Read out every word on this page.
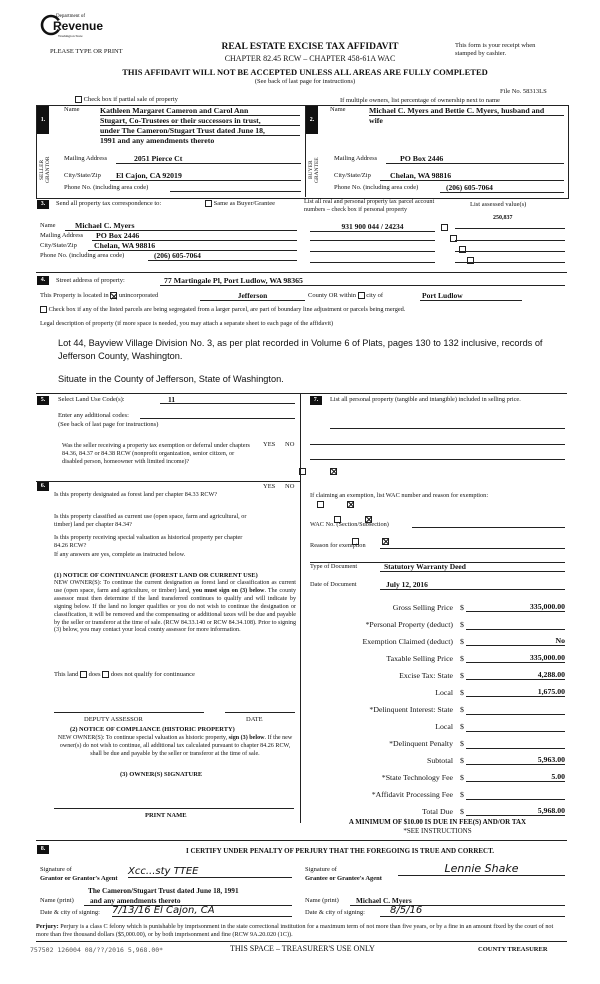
Department of
Revenue
Washington State
PLEASE TYPE OR PRINT	REAL ESTATE EXCISE TAX AFFIDAVIT
CHAPTER 82.45 RCW – CHAPTER 458-61A WAC
This form is your receipt when stamped by cashier.
THIS AFFIDAVIT WILL NOT BE ACCEPTED UNLESS ALL AREAS ARE FULLY COMPLETED
(See back of last page for instructions)
File No. 58313LS
Check box if partial sale of property	If multiple owners, list percentage of ownership next to name
1.	2.
SELLER
GRANTOR	BUYER
GRANTEE
Name	Kathleen Margaret Cameron and Carol Ann
Stugart, Co-Trustees or their successors in trust,
under The Cameron/Stugart Trust dated June 18,
1991 and any amendments thereto
Mailing Address	2051 Pierce Ct
City/State/Zip	El Cajon, CA 92019
Phone No. (including area code)
Name	Michael C. Myers and Bettie C. Myers, husband and
wife
Mailing Address	PO Box 2446
City/State/Zip	Chelan, WA 98816
Phone No. (including area code)	(206) 605-7064
3.	Send all property tax correspondence to:	Same as Buyer/Grantee	List all real and personal property tax parcel account numbers – check box if personal property
List assessed value(s)
Name	Michael C. Myers
Mailing Address	PO Box 2446
City/State/Zip	Chelan, WA 98816
Phone No. (including area code)	(206) 605-7064
250,837
931 900 044 / 24234

4.	Street address of property:	77 Martingale Pl, Port Ludlow, WA 98365
This Property is located in unincorporated	Jefferson	County OR within city of	Port Ludlow
Check box if any of the listed parcels are being segregated from a larger parcel, are part of boundary line adjustment or parcels being merged.
Legal description of property (if more space is needed, you may attach a separate sheet to each page of the affidavit)
Lot 44, Bayview Village Division No. 3, as per plat recorded in Volume 6 of Plats, pages 130 to 132 inclusive, records of Jefferson County, Washington.
Situate in the County of Jefferson, State of Washington.
5.	Select Land Use Code(s):	11
Enter any additional codes:
(See back of last page for instructions)
YES NO
Was the seller receiving a property tax exemption or deferral under chapters 84.36, 84.37 or 84.38 RCW (nonprofit organization, senior citizen, or disabled person, homeowner with limited income)?

6.	YES NO
Is this property designated as forest land per chapter 84.33 RCW?

Is this property classified as current use (open space, farm and agricultural, or timber) land per chapter 84.34?

Is this property receiving special valuation as historical property per chapter 84.26 RCW?

If any answers are yes, complete as instructed below.
(1) NOTICE OF CONTINUANCE (FOREST LAND OR CURRENT USE)
NEW OWNER(S): To continue the current designation as forest land or classification as current use (open space, farm and agriculture, or timber) land, you must sign on (3) below. The county assessor must then determine if the land transferred continues to qualify and will indicate by signing below. If the land no longer qualifies or you do not wish to continue the designation or classification, it will be removed and the compensating or additional taxes will be due and payable by the seller or transferor at the time of sale. (RCW 84.33.140 or RCW 84.34.108). Prior to signing (3) below, you may contact your local county assessor for more information.
This land does does not qualify for continuance
DEPUTY ASSESSOR	DATE
(2) NOTICE OF COMPLIANCE (HISTORIC PROPERTY)
NEW OWNER(S): To continue special valuation as historic property, sign (3) below. If the new owner(s) do not wish to continue, all additional tax calculated pursuant to chapter 84.26 RCW, shall be due and payable by the seller or transferor at the time of sale.
(3) OWNER(S) SIGNATURE
PRINT NAME
7.	List all personal property (tangible and intangible) included in selling price.
If claiming an exemption, list WAC number and reason for exemption:
WAC No. (Section/Subsection)
Reason for exemption
Type of Document	Statutory Warranty Deed
Date of Document	July 12, 2016
Gross Selling Price $	335,000.00
*Personal Property (deduct) $
Exemption Claimed (deduct) $	No
Taxable Selling Price $	335,000.00
Excise Tax: State $	4,288.00
Local $	1,675.00
*Delinquent Interest: State $
Local $
*Delinquent Penalty $
Subtotal $	5,963.00
*State Technology Fee $	5.00
*Affidavit Processing Fee $
Total Due $	5,968.00
A MINIMUM OF $10.00 IS DUE IN FEE(S) AND/OR TAX
*SEE INSTRUCTIONS
8.	I CERTIFY UNDER PENALTY OF PERJURY THAT THE FOREGOING IS TRUE AND CORRECT.
Signature of
Grantor or Grantor's Agent
Xcc...sty TTEE
The Cameron/Stugart Trust dated June 18, 1991
Name (print)	and any amendments thereto
Date & city of signing: 7/13/16 El Cajon, CA
Signature of
Grantee or Grantee's Agent
Lennie Shake
Name (print)	Michael C. Myers
Date & city of signing:	8/5/16
Perjury: Perjury is a class C felony which is punishable by imprisonment in the state correctional institution for a maximum term of not more than five years, or by a fine in an amount fixed by the court of not more than five thousand dollars ($5,000.00), or by both imprisonment and fine (RCW 9A.20.020 (1C)).
757502 126004 08/??/2016 5,968.00*	THIS SPACE – TREASURER'S USE ONLY	COUNTY TREASURER
